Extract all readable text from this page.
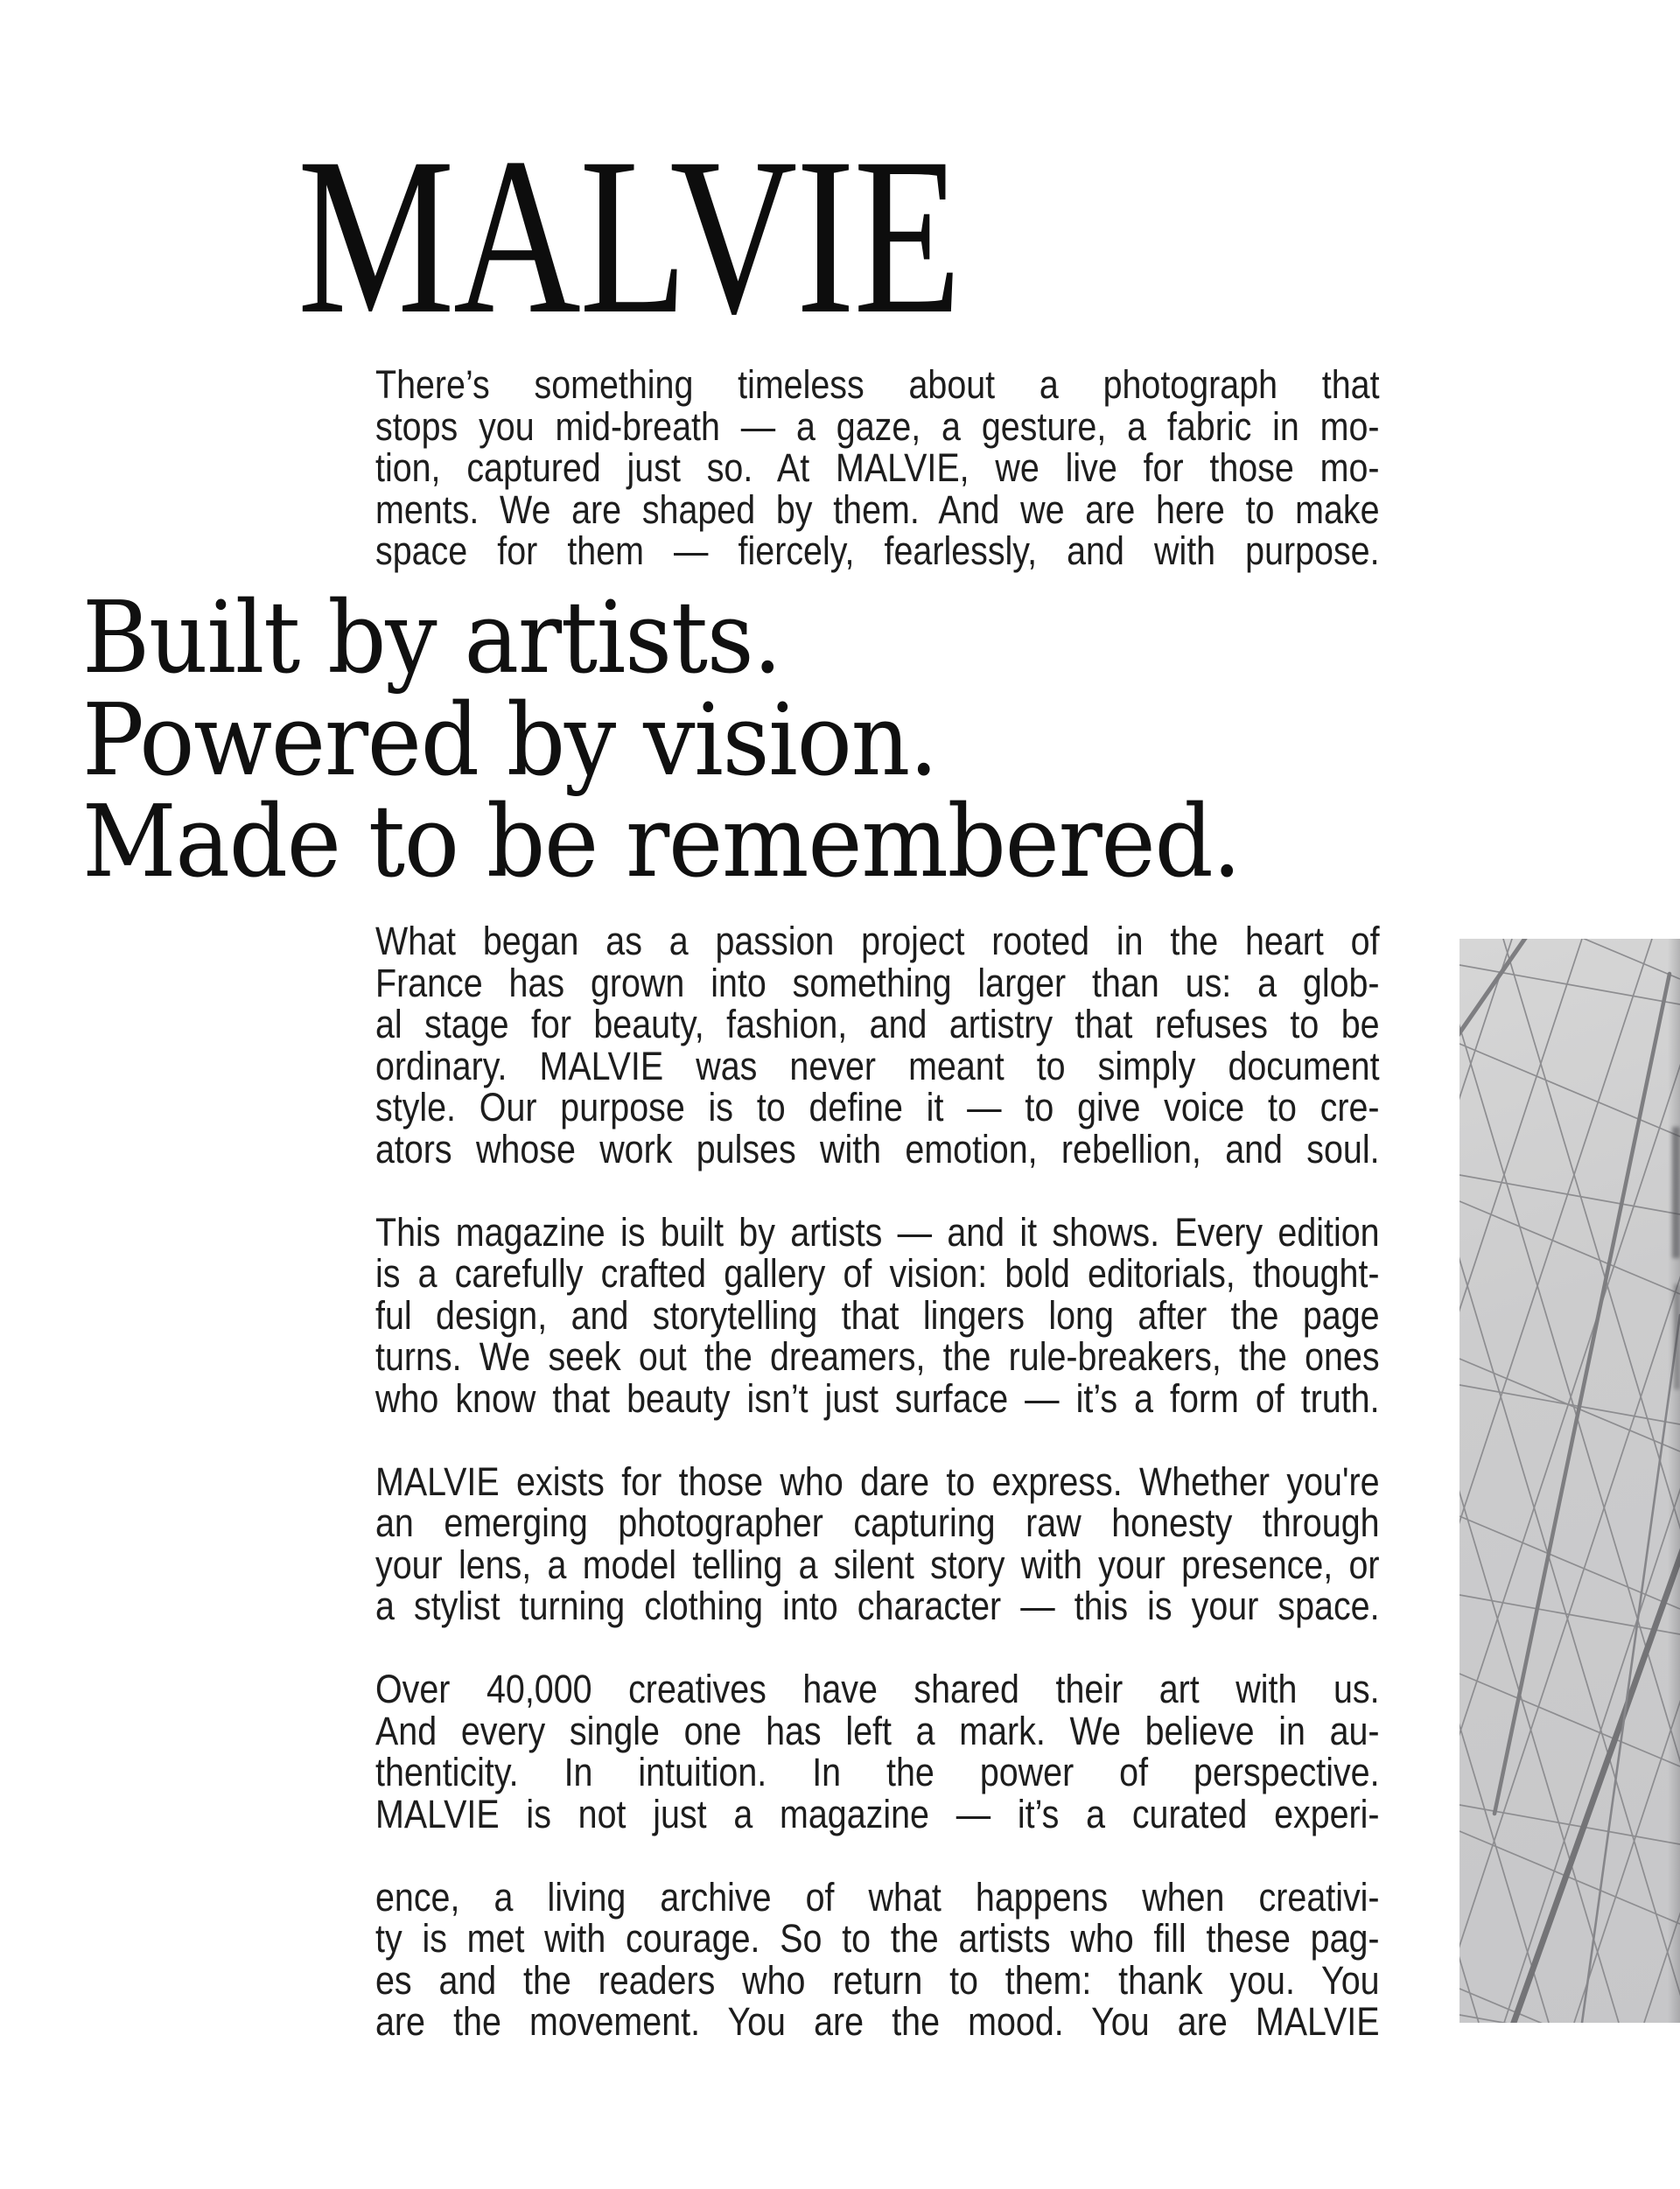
MALVIE
There’s something timeless about a photograph that
stops you mid-breath — a gaze, a gesture, a fabric in mo-
tion, captured just so. At MALVIE, we live for those mo-
ments. We are shaped by them. And we are here to make
space for them — fiercely, fearlessly, and with purpose.
Built by artists.
Powered by vision.
Made to be remembered.
What began as a passion project rooted in the heart of
France has grown into something larger than us: a glob-
al stage for beauty, fashion, and artistry that refuses to be
ordinary. MALVIE was never meant to simply document
style. Our purpose is to define it — to give voice to cre-
ators whose work pulses with emotion, rebellion, and soul.
This magazine is built by artists — and it shows. Every edition
is a carefully crafted gallery of vision: bold editorials, thought-
ful design, and storytelling that lingers long after the page
turns. We seek out the dreamers, the rule-breakers, the ones
who know that beauty isn’t just surface — it’s a form of truth.
MALVIE exists for those who dare to express. Whether you're
an emerging photographer capturing raw honesty through
your lens, a model telling a silent story with your presence, or
a stylist turning clothing into character — this is your space.
Over 40,000 creatives have shared their art with us.
And every single one has left a mark. We believe in au-
thenticity. In intuition. In the power of perspective.
MALVIE is not just a magazine — it’s a curated experi-
ence, a living archive of what happens when creativi-
ty is met with courage. So to the artists who fill these pag-
es and the readers who return to them: thank you. You
are the movement. You are the mood. You are MALVIE
